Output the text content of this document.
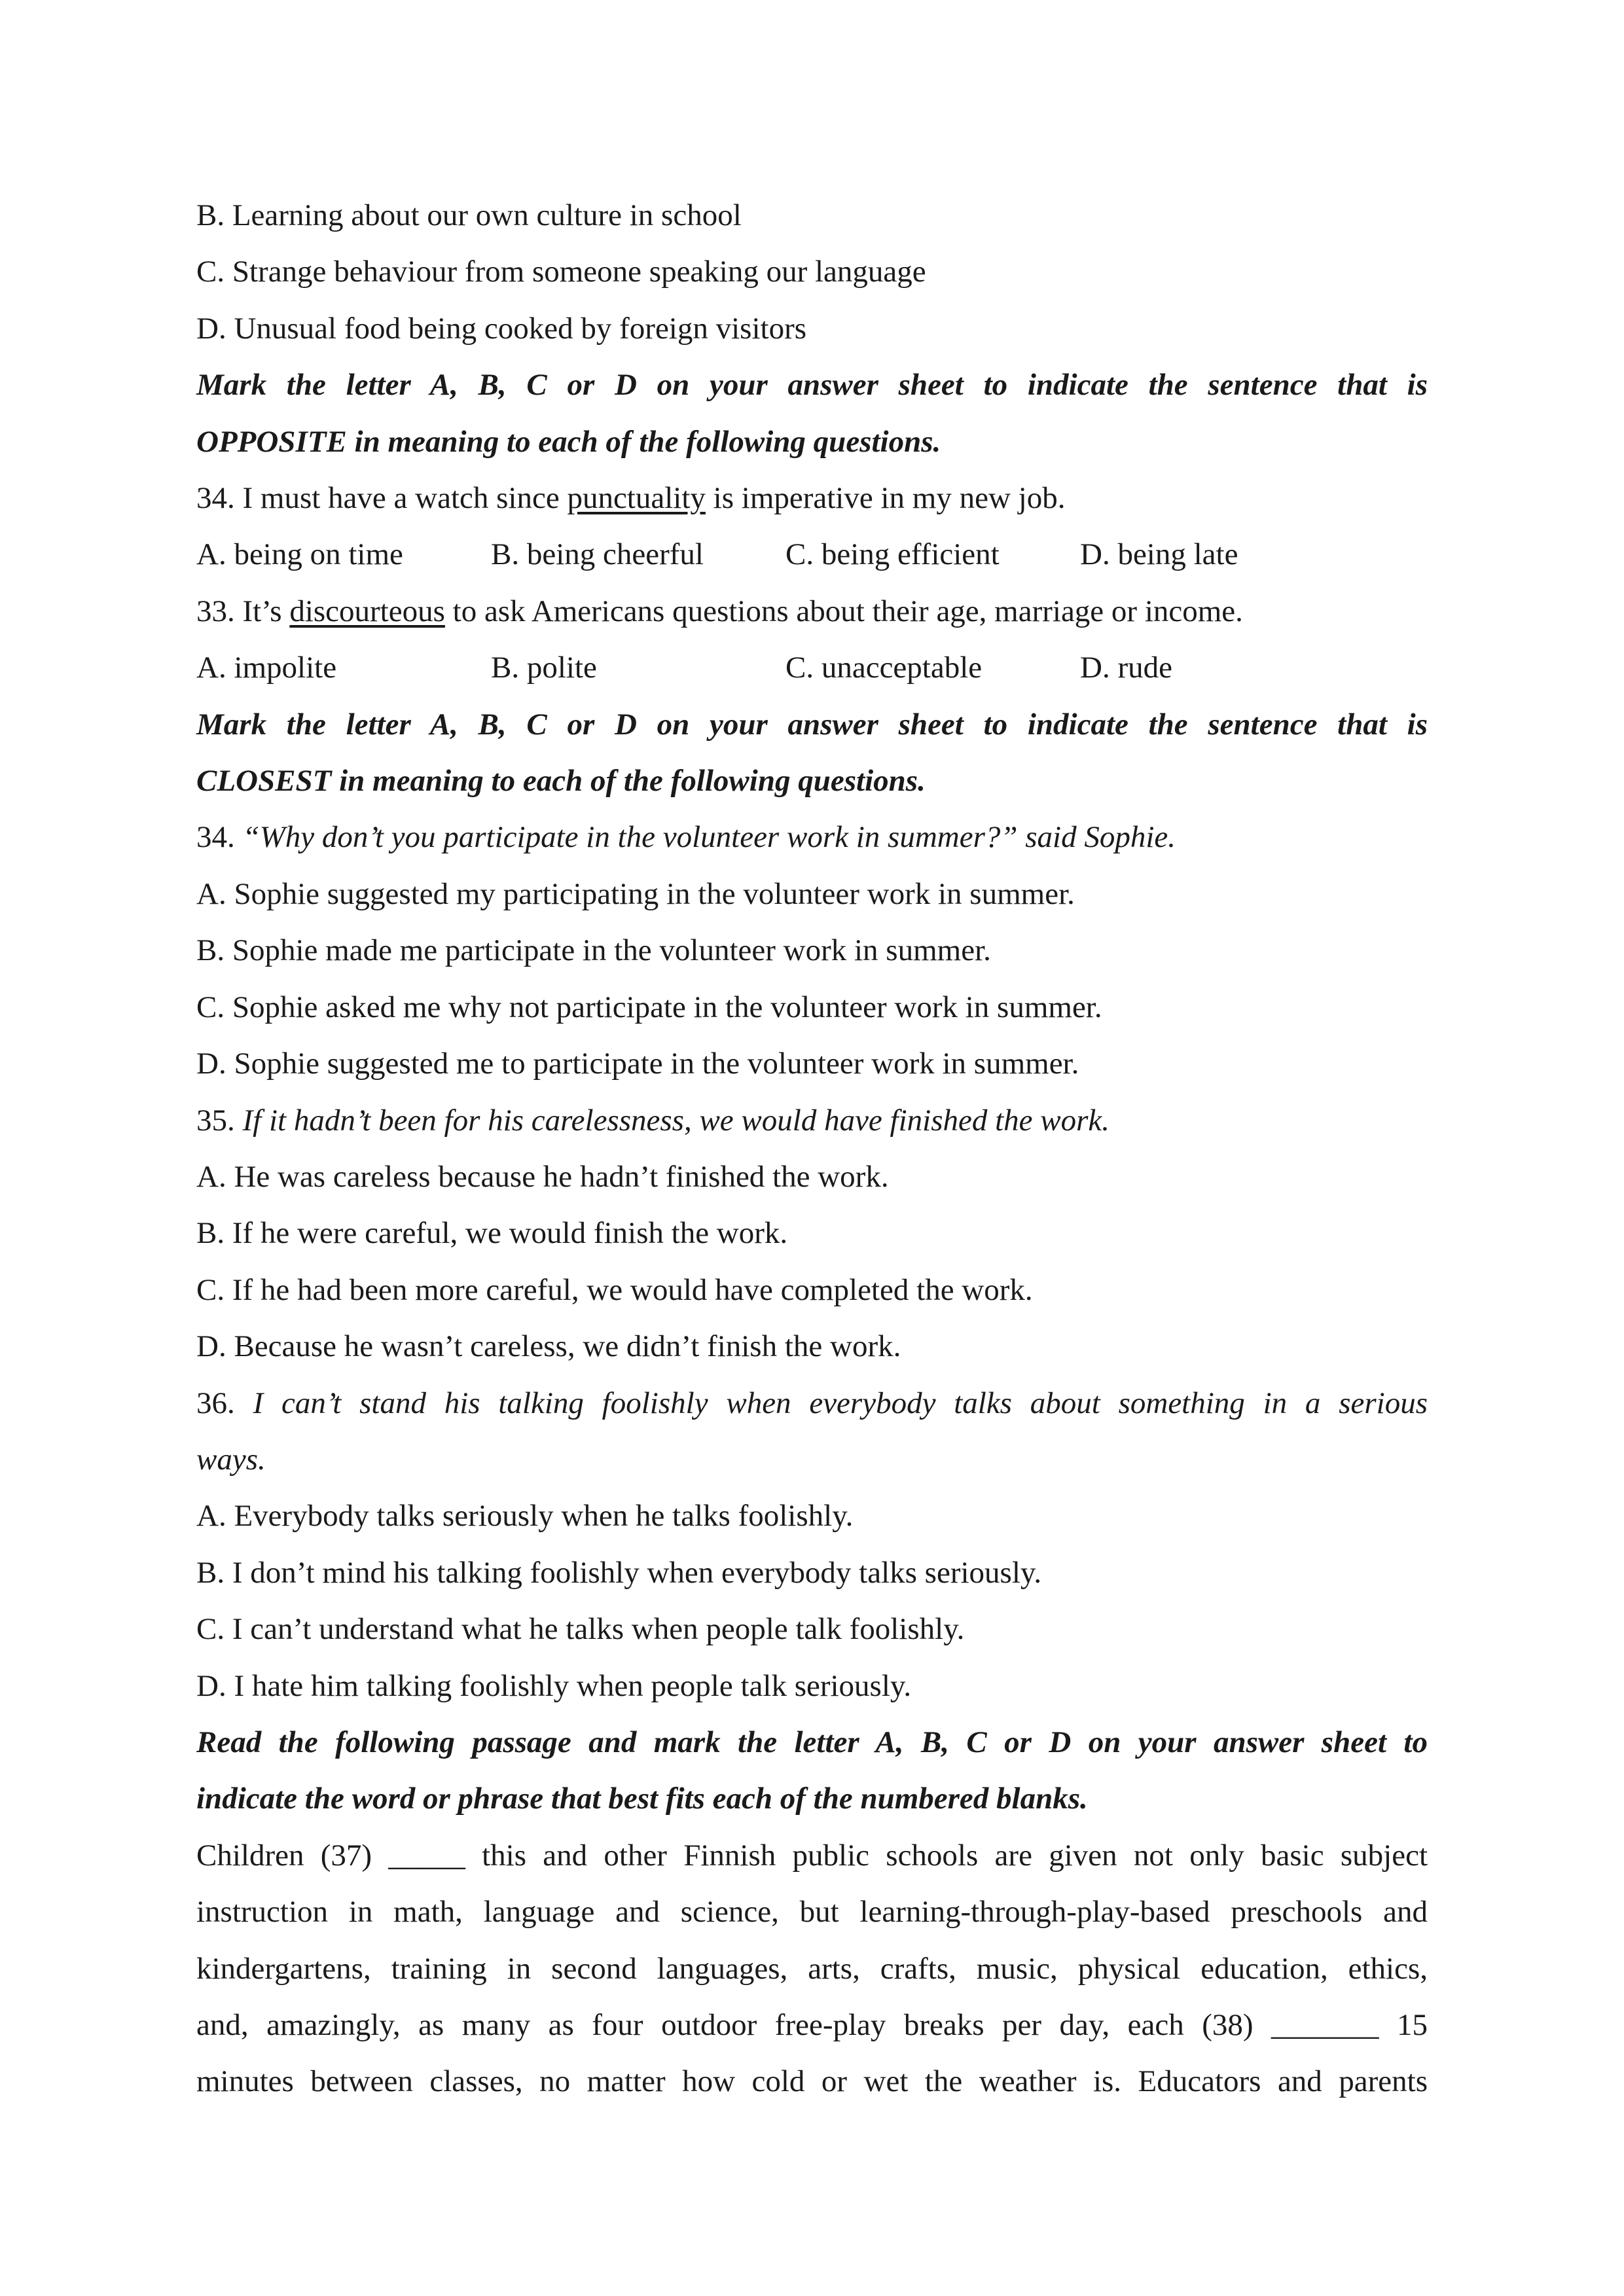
B. Learning about our own culture in school
C. Strange behaviour from someone speaking our language
D. Unusual food being cooked by foreign visitors
Mark the letter A, B, C or D on your answer sheet to indicate the sentence that is
OPPOSITE in meaning to each of the following questions.
34. I must have a watch since punctuality is imperative in my new job.
A. being on time	B. being cheerful	C. being efficient	D. being late
33. It’s discourteous to ask Americans questions about their age, marriage or income.
A. impolite	B. polite	C. unacceptable	D. rude
Mark the letter A, B, C or D on your answer sheet to indicate the sentence that is
CLOSEST in meaning to each of the following questions.
34. “Why don’t you participate in the volunteer work in summer?” said Sophie.
A. Sophie suggested my participating in the volunteer work in summer.
B. Sophie made me participate in the volunteer work in summer.
C. Sophie asked me why not participate in the volunteer work in summer.
D. Sophie suggested me to participate in the volunteer work in summer.
35. If it hadn’t been for his carelessness, we would have finished the work.
A. He was careless because he hadn’t finished the work.
B. If he were careful, we would finish the work.
C. If he had been more careful, we would have completed the work.
D. Because he wasn’t careless, we didn’t finish the work.
36. I can’t stand his talking foolishly when everybody talks about something in a serious
ways.
A. Everybody talks seriously when he talks foolishly.
B. I don’t mind his talking foolishly when everybody talks seriously.
C. I can’t understand what he talks when people talk foolishly.
D. I hate him talking foolishly when people talk seriously.
Read the following passage and mark the letter A, B, C or D on your answer sheet to
indicate the word or phrase that best fits each of the numbered blanks.
Children (37) _____ this and other Finnish public schools are given not only basic subject
instruction in math, language and science, but learning-through-play-based preschools and
kindergartens, training in second languages, arts, crafts, music, physical education, ethics,
and, amazingly, as many as four outdoor free-play breaks per day, each (38) _______ 15
minutes between classes, no matter how cold or wet the weather is. Educators and parents
